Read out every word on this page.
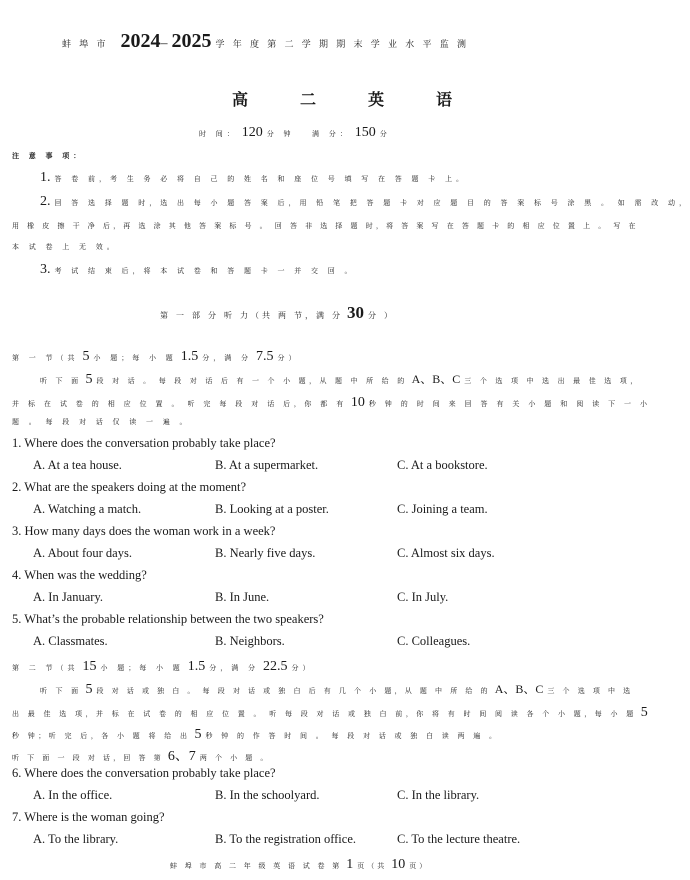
蚌 埠 市 2024– 2025 学 年 度 第 二 学 期 期 末 学 业 水 平 监 测
高 二 英 语
时 间： 120 分 钟	满 分： 150 分
注 意 事 项：
1. 答 卷 前，考 生 务 必 将 自 己 的 姓 名 和 座 位 号 填 写 在 答 题 卡 上。
2. 回 答 选 择 题 时，选 出 每 小 题 答 案 后，用 铅 笔 把 答 题 卡 对 应 题 目 的 答 案 标 号 涂 黑 。 如 需 改 动，
用 橡 皮 擦 干 净 后，再 选 涂 其 他 答 案 标 号 。 回 答 非 选 择 题 时，将 答 案 写 在 答 题 卡 的 相 应 位 置 上 。 写 在
本 试 卷 上 无 效。
3. 考 试 结 束 后，将 本 试 卷 和 答 题 卡 一 并 交 回 。
第 一 部 分 听 力（共 两 节，满 分 30 分 ）
第 一 节（共 5 小 题；每 小 题 1.5 分，满 分 7.5 分）
听 下 面 5 段 对 话 。 每 段 对 话 后 有 一 个 小 题，从 题 中 所 给 的 A、B、C 三 个 选 项 中 选 出 最 佳 选 项，
并 标 在 试 卷 的 相 应 位 置 。 听 完 每 段 对 话 后，你 都 有 10 秒 钟 的 时 间 来 回 答 有 关 小 题 和 阅 读 下 一 小
题 。 每 段 对 话 仅 读 一 遍 。
1. Where does the conversation probably take place?
A. At a tea house.	B. At a supermarket.	C. At a bookstore.
2. What are the speakers doing at the moment?
A. Watching a match.	B. Looking at a poster.	C. Joining a team.
3. How many days does the woman work in a week?
A. About four days.	B. Nearly five days.	C. Almost six days.
4. When was the wedding?
A. In January.	B. In June.	C. In July.
5. What’s the probable relationship between the two speakers?
A. Classmates.	B. Neighbors.	C. Colleagues.
第 二 节（共 15 小 题；每 小 题 1.5 分，满 分 22.5 分）
听 下 面 5 段 对 话 或 独 白 。 每 段 对 话 或 独 白 后 有 几 个 小 题，从 题 中 所 给 的 A、B、C 三 个 选 项 中 选
出 最 佳 选 项，并 标 在 试 卷 的 相 应 位 置 。 听 每 段 对 话 或 独 白 前，你 将 有 时 间 阅 读 各 个 小 题，每 小 题 5
秒 钟；听 完 后，各 小 题 将 给 出 5 秒 钟 的 作 答 时 间 。 每 段 对 话 或 独 白 读 两 遍 。
听 下 面 一 段 对 话，回 答 第 6、7 两 个 小 题 。
6. Where does the conversation probably take place?
A. In the office.	B. In the schoolyard.	C. In the library.
7. Where is the woman going?
A. To the library.	B. To the registration office.	C. To the lecture theatre.
蚌 埠 市 高 二 年 级 英 语 试 卷 第 1 页（共 10 页）
